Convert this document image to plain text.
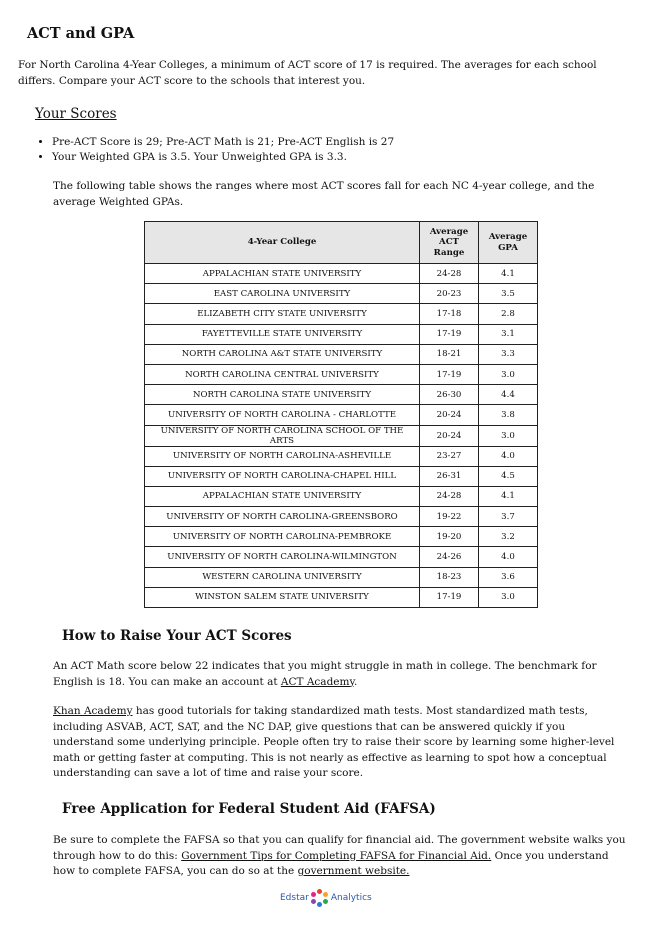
ACT and GPA

For North Carolina 4-Year Colleges, a minimum of ACT score of 17 is required. The averages for each school differs. Compare your ACT score to the schools that interest you.

Your Scores
• Pre-ACT Score is 29; Pre-ACT Math is 21; Pre-ACT English is 27
• Your Weighted GPA is 3.5. Your Unweighted GPA is 3.3.

The following table shows the ranges where most ACT scores fall for each NC 4-year college, and the average Weighted GPAs.

4-Year College	Average ACT Range	Average GPA
APPALACHIAN STATE UNIVERSITY	24-28	4.1
EAST CAROLINA UNIVERSITY	20-23	3.5
ELIZABETH CITY STATE UNIVERSITY	17-18	2.8
FAYETTEVILLE STATE UNIVERSITY	17-19	3.1
NORTH CAROLINA A&T STATE UNIVERSITY	18-21	3.3
NORTH CAROLINA CENTRAL UNIVERSITY	17-19	3.0
NORTH CAROLINA STATE UNIVERSITY	26-30	4.4
UNIVERSITY OF NORTH CAROLINA - CHARLOTTE	20-24	3.8
UNIVERSITY OF NORTH CAROLINA SCHOOL OF THE ARTS	20-24	3.0
UNIVERSITY OF NORTH CAROLINA-ASHEVILLE	23-27	4.0
UNIVERSITY OF NORTH CAROLINA-CHAPEL HILL	26-31	4.5
APPALACHIAN STATE UNIVERSITY	24-28	4.1
UNIVERSITY OF NORTH CAROLINA-GREENSBORO	19-22	3.7
UNIVERSITY OF NORTH CAROLINA-PEMBROKE	19-20	3.2
UNIVERSITY OF NORTH CAROLINA-WILMINGTON	24-26	4.0
WESTERN CAROLINA UNIVERSITY	18-23	3.6
WINSTON SALEM STATE UNIVERSITY	17-19	3.0
How to Raise Your ACT Scores

An ACT Math score below 22 indicates that you might struggle in math in college. The benchmark for English is 18. You can make an account at ACT Academy.

Khan Academy has good tutorials for taking standardized math tests. Most standardized math tests, including ASVAB, ACT, SAT, and the NC DAP, give questions that can be answered quickly if you understand some underlying principle. People often try to raise their score by learning some higher-level math or getting faster at computing. This is not nearly as effective as learning to spot how a conceptual understanding can save a lot of time and raise your score.

Free Application for Federal Student Aid (FAFSA)

Be sure to complete the FAFSA so that you can qualify for financial aid. The government website walks you through how to do this: Government Tips for Completing FAFSA for Financial Aid. Once you understand how to complete FAFSA, you can do so at the government website.

Edstar Analytics
